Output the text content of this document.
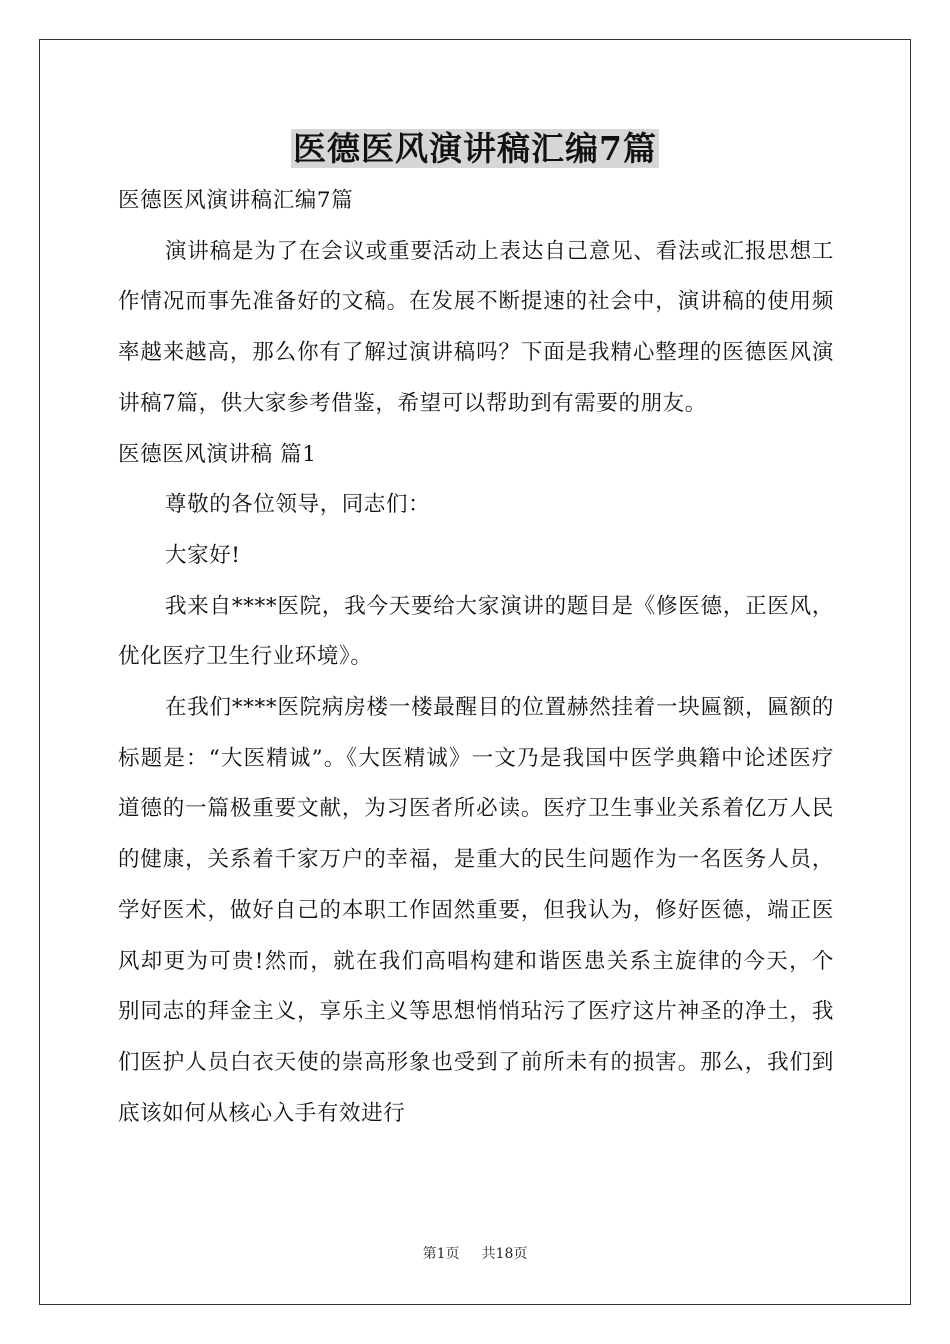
医德医风演讲稿汇编7篇

医德医风演讲稿汇编7篇

演讲稿是为了在会议或重要活动上表达自己意见、看法或汇报思想工作情况而事先准备好的文稿。在发展不断提速的社会中，演讲稿的使用频率越来越高，那么你有了解过演讲稿吗？下面是我精心整理的医德医风演讲稿7篇，供大家参考借鉴，希望可以帮助到有需要的朋友。

医德医风演讲稿 篇1

尊敬的各位领导，同志们：

大家好!

我来自****医院，我今天要给大家演讲的题目是《修医德，正医风，优化医疗卫生行业环境》。

在我们****医院病房楼一楼最醒目的位置赫然挂着一块匾额，匾额的标题是：“大医精诚”。《大医精诚》一文乃是我国中医学典籍中论述医疗道德的一篇极重要文献，为习医者所必读。医疗卫生事业关系着亿万人民的健康，关系着千家万户的幸福，是重大的民生问题作为一名医务人员，学好医术，做好自己的本职工作固然重要，但我认为，修好医德，端正医风却更为可贵!然而，就在我们高唱构建和谐医患关系主旋律的今天，个别同志的拜金主义，享乐主义等思想悄悄玷污了医疗这片神圣的净土，我们医护人员白衣天使的崇高形象也受到了前所未有的损害。那么，我们到底该如何从核心入手有效进行

第1页 共18页
